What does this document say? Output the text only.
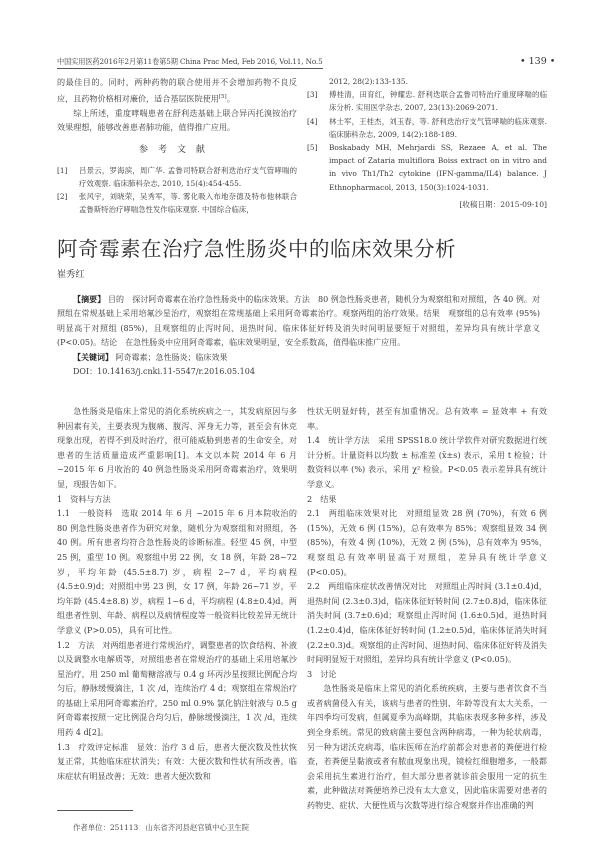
中国实用医药2016年2月第11卷第5期 China Prac Med, Feb 2016, Vol.11, No.5	• 139 •

的最佳目的。同时，两种药物的联合使用并不会增加药物不良反应，且药物价格相对廉价，适合基层医院使用[5]。

综上所述，重度哮喘患者在舒利迭基础上联合异丙托溴铵治疗效果理想，能够改善患者肺功能，值得推广应用。

参考文献
[1]	吕景云，罗海滨，周广华. 孟鲁司特联合舒利迭治疗支气管哮喘的疗效观察. 临床肺科杂志, 2010, 15(4):454-455.
[2]	张风宇，刘晓荣，吴秀军，等. 雾化吸入布地奈德及特布他林联合孟鲁斯特治疗哮喘急性发作临床观察. 中国综合临床，
2012, 28(2):133-135.
[3]	傅桂清，田育红，钟耀忠. 舒利迭联合孟鲁司特治疗重度哮喘的临床分析. 实用医学杂志, 2007, 23(13):2069-2071.
[4]	林士军，王桂杰，刘玉春，等. 舒利迭治疗支气管哮喘的临床观察. 临床肺科杂志, 2009, 14(2):188-189.
[5]	Boskabady MH, Mehrjardi SS, Rezaee A, et al. The impact of Zataria multiflora Boiss extract on in vitro and in vivo Th1/Th2 cytokine (IFN-gamma/IL4) balance. J Ethnopharmacol, 2013, 150(3):1024-1031.
[收稿日期：2015-09-10]
阿奇霉素在治疗急性肠炎中的临床效果分析
崔秀红

【摘要】 目的　探讨阿奇霉素在治疗急性肠炎中的临床效果。方法　80 例急性肠炎患者，随机分为观察组和对照组，各 40 例。对照组在常规基础上采用培氟沙星治疗，观察组在常规基础上采用阿奇霉素治疗。观察两组的治疗效果。结果　观察组的总有效率 (95%) 明显高于对照组 (85%)，且观察组的止泻时间、退热时间、临床体征好转及消失时间明显要短于对照组，差异均具有统计学意义 (P<0.05)。结论　在急性肠炎中应用阿奇霉素，临床效果明显，安全系数高，值得临床推广应用。

【关键词】 阿奇霉素；急性肠炎；临床效果

DOI：10.14163/j.cnki.11-5547/r.2016.05.104

急性肠炎是临床上常见的消化系统疾病之一，其发病原因与多种因素有关，主要表现为腹痛、腹泻、浑身无力等，甚至会有休克现象出现，若得不到及时治疗，很可能威胁到患者的生命安全，对患者的生活质量造成严重影响[1]。本文以本院 2014 年 6 月 ~2015 年 6 月收治的 40 例急性肠炎采用阿奇霉素治疗，效果明显，现报告如下。

1　资料与方法

1.1　一般资料　选取 2014 年 6 月 ~2015 年 6 月本院收治的 80 例急性肠炎患者作为研究对象，随机分为观察组和对照组，各 40 例。所有患者均符合急性肠炎的诊断标准。轻型 45 例，中型 25 例，重型 10 例。观察组中男 22 例，女 18 例，年龄 28~72 岁，平均年龄 (45.5±8.7) 岁，病程 2~7 d，平均病程 (4.5±0.9)d；对照组中男 23 例，女 17 例，年龄 26~71 岁，平均年龄 (45.4±8.8) 岁，病程 1~6 d，平均病程 (4.8±0.4)d。两组患者性别、年龄、病程以及病情程度等一般资料比较差异无统计学意义 (P>0.05)，具有可比性。

1.2　方法　对两组患者进行常规治疗，调整患者的饮食结构、补液以及调整水电解质等，对照组患者在常规治疗的基础上采用培氟沙星治疗，用 250 ml 葡萄糖溶液与 0.4 g 环丙沙星按照比例配合均匀后，静脉缓慢滴注，1 次 /d，连续治疗 4 d；观察组在常规治疗的基础上采用阿奇霉素治疗，250 ml 0.9% 氯化钠注射液与 0.5 g 阿奇霉素按照一定比例混合均匀后，静脉缓慢滴注，1 次 /d，连续用药 4 d[2]。

1.3　疗效评定标准　显效：治疗 3 d 后，患者大便次数及性状恢复正常，其他临床症状消失；有效：大便次数和性状有所改善，临床症状有明显改善；无效：患者大便次数和

性状无明显好转，甚至有加重情况。总有效率 = 显效率 + 有效率。

1.4　统计学方法　采用 SPSS18.0 统计学软件对研究数据进行统计分析。计量资料以均数 ± 标准差 (x̄±s) 表示，采用 t 检验；计数资料以率 (%) 表示，采用 χ² 检验。P<0.05 表示差异具有统计学意义。

2　结果

2.1　两组临床效果对比　对照组显效 28 例 (70%)，有效 6 例 (15%)，无效 6 例 (15%)，总有效率为 85%；观察组显效 34 例 (85%)，有效 4 例 (10%)，无效 2 例 (5%)，总有效率为 95%，观察组总有效率明显高于对照组，差异具有统计学意义 (P<0.05)。

2.2　两组临床症状改善情况对比　对照组止泻时间 (3.1±0.4)d，退热时间 (2.3±0.3)d，临床体征好转时间 (2.7±0.8)d，临床体征消失时间 (3.7±0.6)d；观察组止泻时间 (1.6±0.5)d，退热时间 (1.2±0.4)d，临床体征好转时间 (1.2±0.5)d，临床体征消失时间 (2.2±0.3)d。观察组的止泻时间、退热时间、临床体征好转及消失时间明显短于对照组，差异均具有统计学意义 (P<0.05)。

3　讨论

急性肠炎是临床上常见的消化系统疾病，主要与患者饮食不当或者病菌侵入有关，该病与患者的性别、年龄等没有太大关系，一年四季均可发病，但属夏季为高峰期，其临床表现多种多样，涉及到全身系统。常见的致病菌主要包含两种病毒，一种为轮状病毒，另一种为诺沃克病毒，临床医师在治疗前都会对患者的粪便进行检查，若粪便呈黏液或者有脓血现象出现，镜检红细胞增多，一般都会采用抗生素进行治疗，但大部分患者就诊前会服用一定的抗生素，此种做法对粪便培养已没有太大意义，因此临床需要对患者的药物史、症状、大便性质与次数等进行综合观察并作出准确的判

作者单位：251113　山东省齐河县赵官镇中心卫生院
